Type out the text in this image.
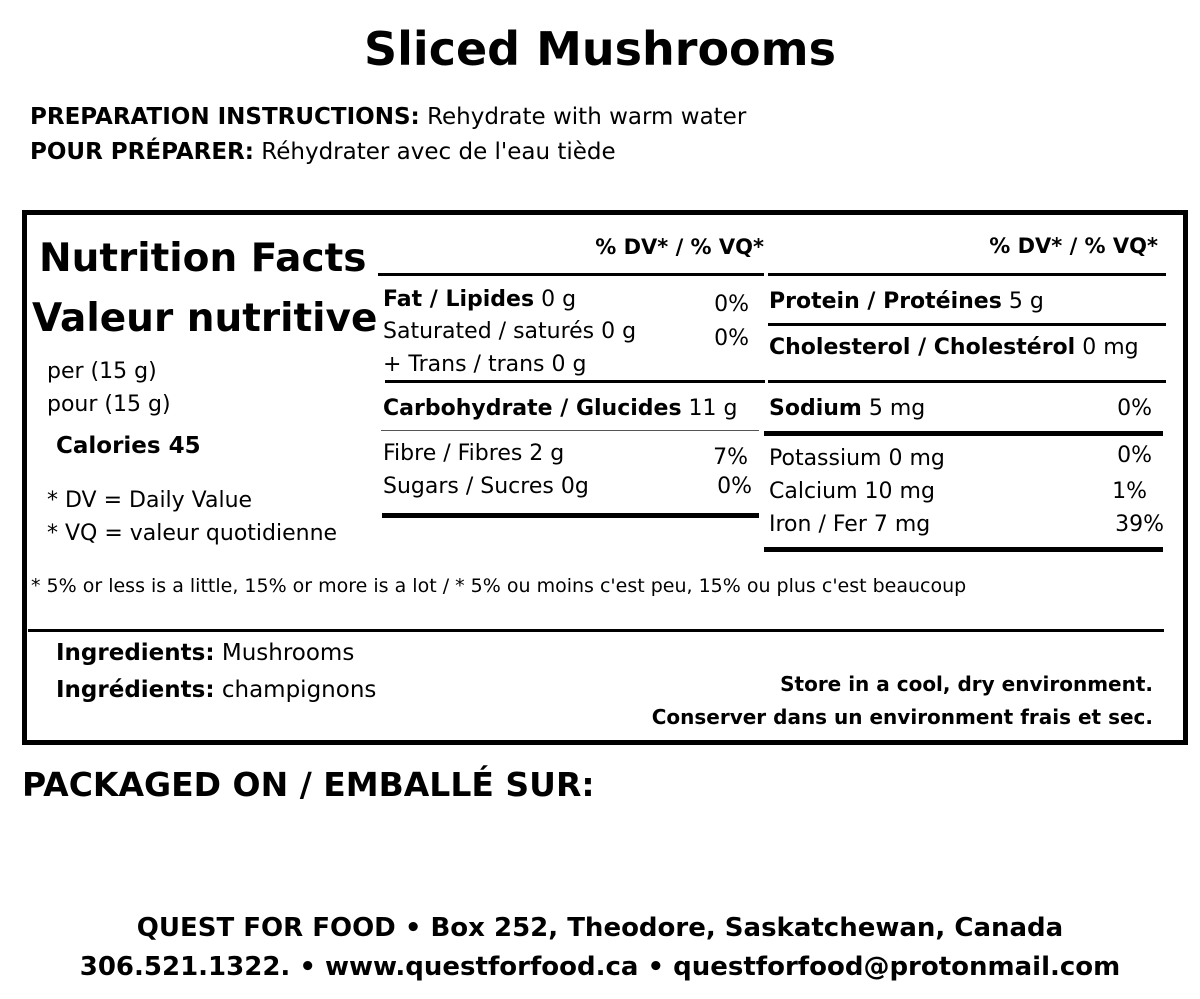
Sliced Mushrooms
PREPARATION INSTRUCTIONS: Rehydrate with warm water
POUR PRÉPARER: Réhydrater avec de l'eau tiède
Nutrition Facts
Valeur nutritive
per (15 g)
pour (15 g)
Calories 45
* DV = Daily Value
* VQ = valeur quotidienne
% DV* / % VQ*
Fat / Lipides 0 g	0%
Saturated / saturés 0 g	0%
+ Trans / trans 0 g
Carbohydrate / Glucides 11 g
Fibre / Fibres 2 g	7%
Sugars / Sucres 0g	0%
% DV* / % VQ*
Protein / Protéines 5 g
Cholesterol / Cholestérol 0 mg
Sodium 5 mg	0%
Potassium 0 mg	0%
Calcium 10 mg	1%
Iron / Fer 7 mg	39%
* 5% or less is a little, 15% or more is a lot / * 5% ou moins c'est peu, 15% ou plus c'est beaucoup
Ingredients: Mushrooms
Ingrédients: champignons	Store in a cool, dry environment.
Conserver dans un environment frais et sec.
PACKAGED ON / EMBALLÉ SUR:
QUEST FOR FOOD • Box 252, Theodore, Saskatchewan, Canada
306.521.1322. • www.questforfood.ca • questforfood@protonmail.com
